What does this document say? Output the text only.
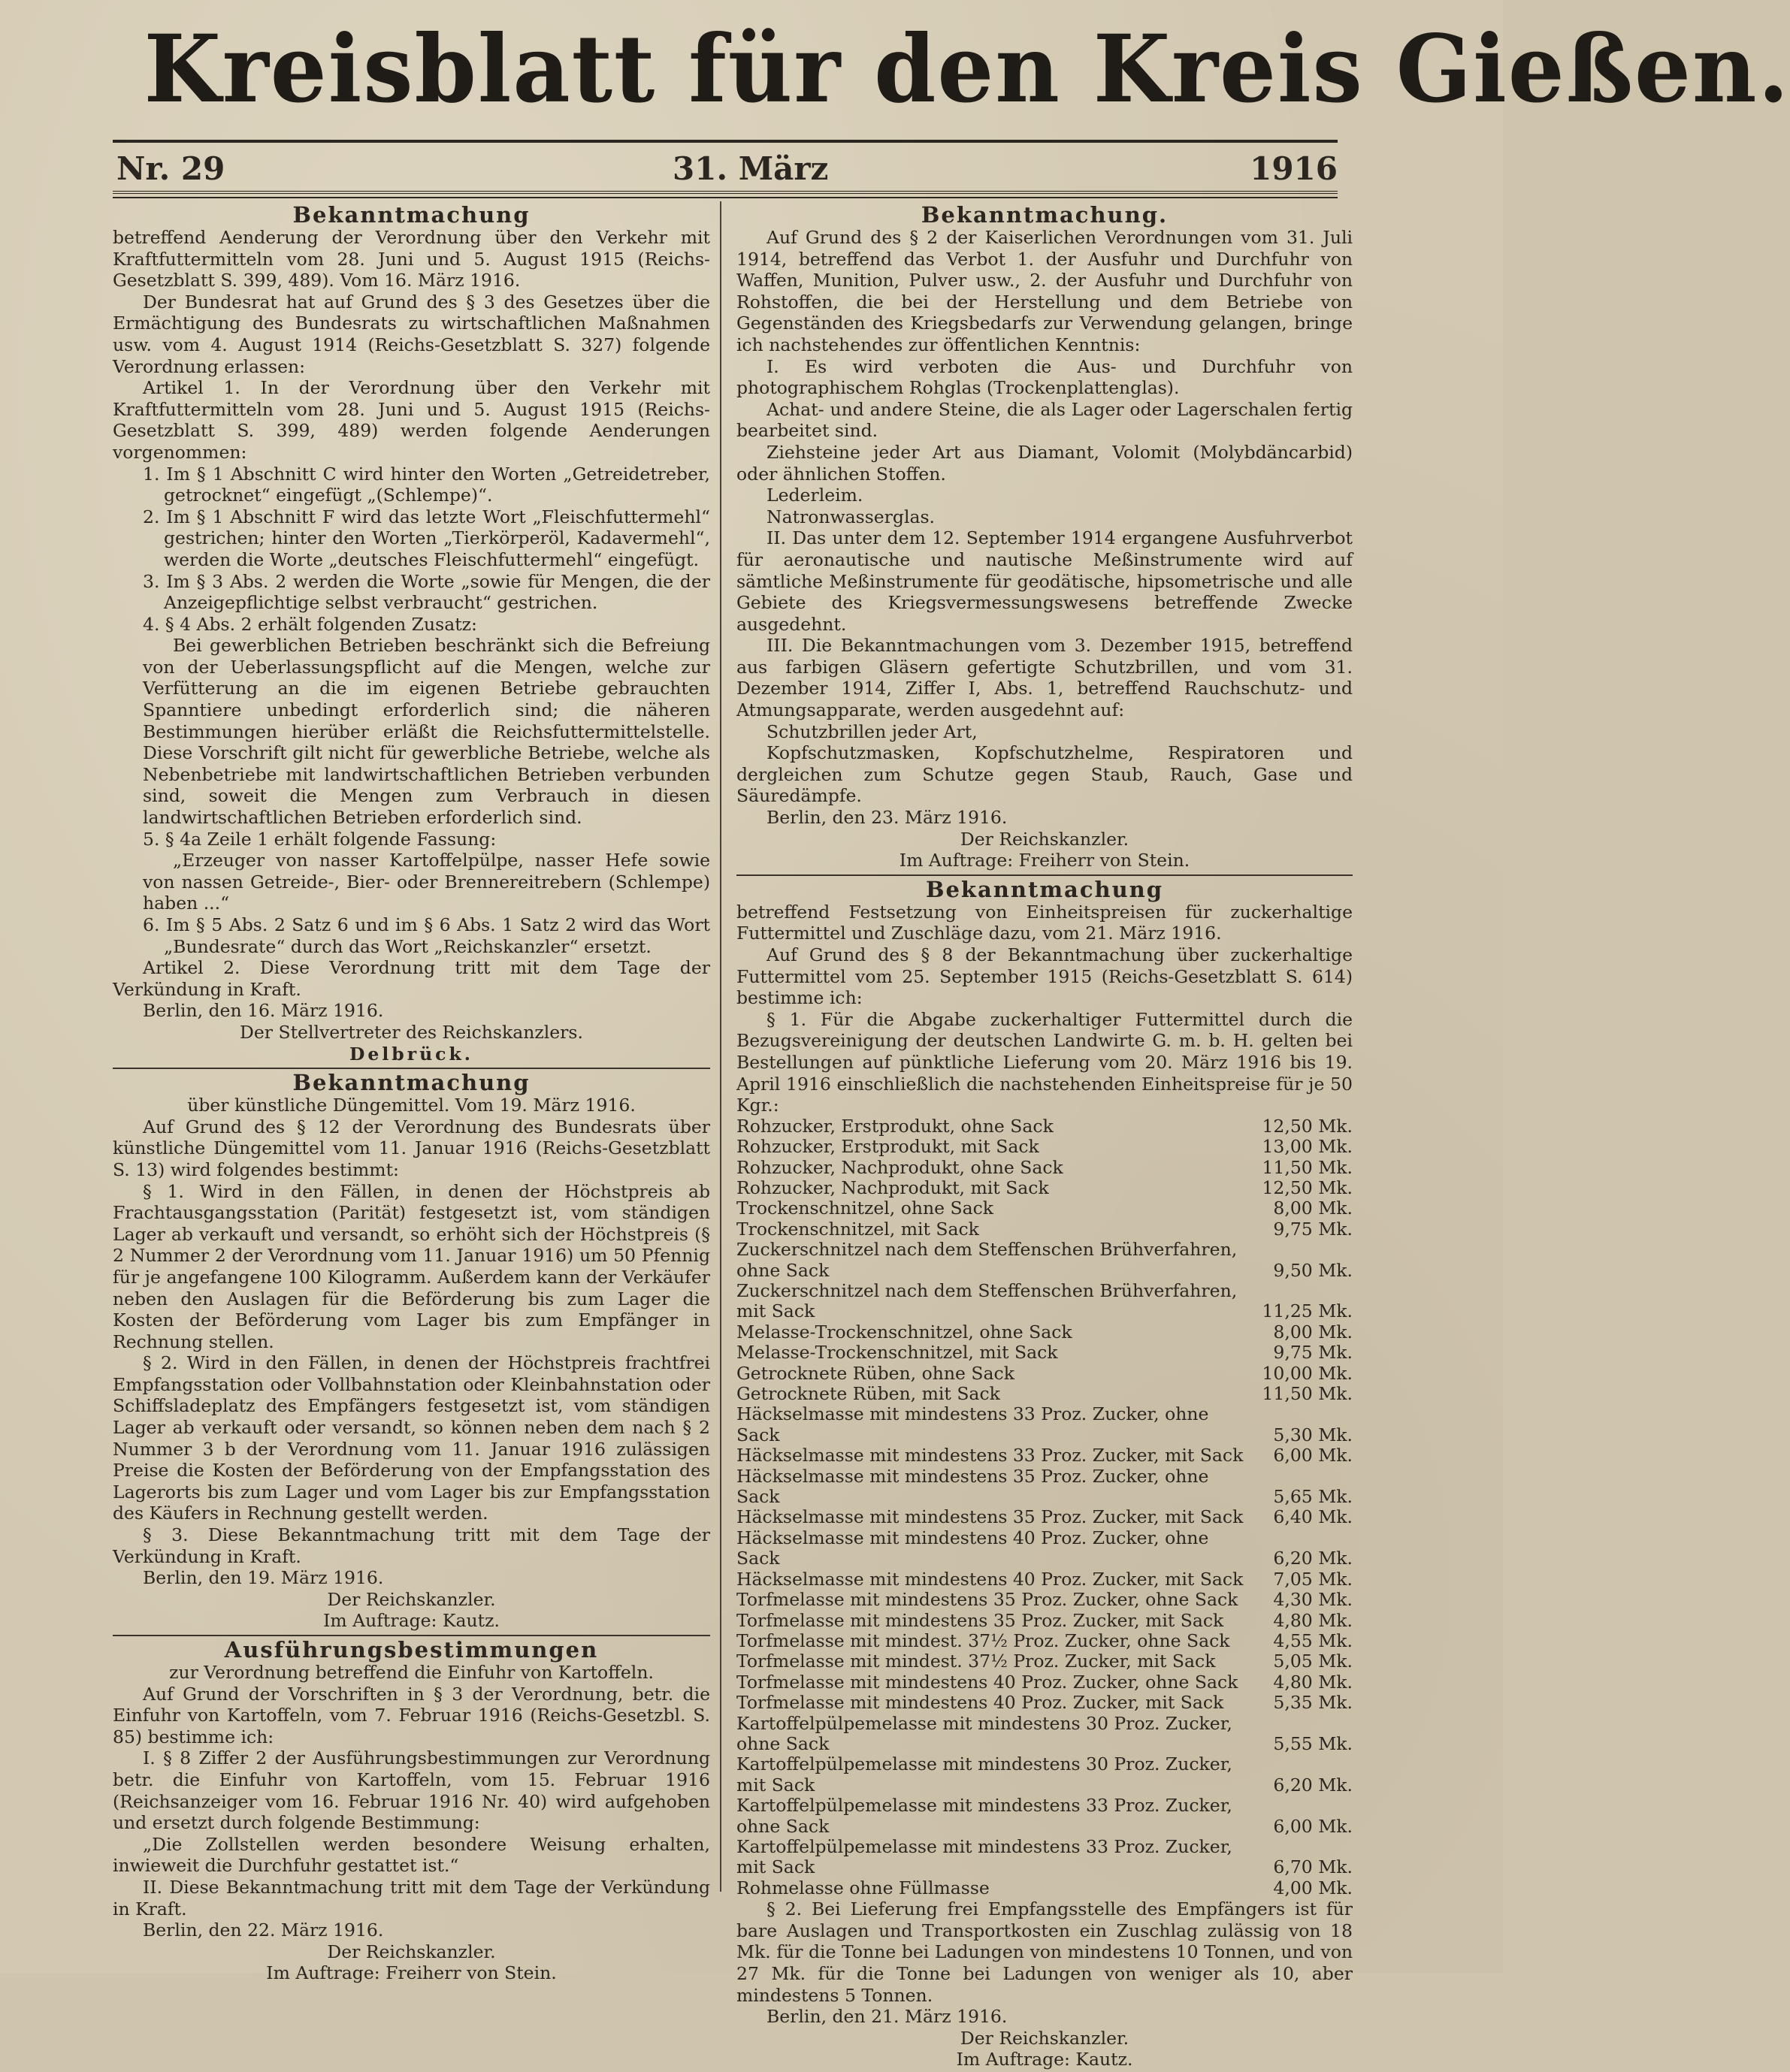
Kreisblatt für den Kreis Gießen.
Nr. 29	31. März	1916
Bekanntmachung

betreffend Aenderung der Verordnung über den Verkehr mit Kraftfuttermitteln vom 28. Juni und 5. August 1915 (Reichs-Gesetzblatt S. 399, 489). Vom 16. März 1916.

Der Bundesrat hat auf Grund des § 3 des Gesetzes über die Ermächtigung des Bundesrats zu wirtschaftlichen Maßnahmen usw. vom 4. August 1914 (Reichs-Gesetzblatt S. 327) folgende Verordnung erlassen:

Artikel 1. In der Verordnung über den Verkehr mit Kraftfuttermitteln vom 28. Juni und 5. August 1915 (Reichs-Gesetzblatt S. 399, 489) werden folgende Aenderungen vorgenommen:

1. Im § 1 Abschnitt C wird hinter den Worten „Getreidetreber, getrocknet“ eingefügt „(Schlempe)“.
2. Im § 1 Abschnitt F wird das letzte Wort „Fleischfuttermehl“ gestrichen; hinter den Worten „Tierkörperöl, Kadavermehl“, werden die Worte „deutsches Fleischfuttermehl“ eingefügt.
3. Im § 3 Abs. 2 werden die Worte „sowie für Mengen, die der Anzeigepflichtige selbst verbraucht“ gestrichen.
4. § 4 Abs. 2 erhält folgenden Zusatz:

Bei gewerblichen Betrieben beschränkt sich die Befreiung von der Ueberlassungspflicht auf die Mengen, welche zur Verfütterung an die im eigenen Betriebe gebrauchten Spanntiere unbedingt erforderlich sind; die näheren Bestimmungen hierüber erläßt die Reichsfuttermittelstelle. Diese Vorschrift gilt nicht für gewerbliche Betriebe, welche als Nebenbetriebe mit landwirtschaftlichen Betrieben verbunden sind, soweit die Mengen zum Verbrauch in diesen landwirtschaftlichen Betrieben erforderlich sind.

5. § 4a Zeile 1 erhält folgende Fassung:

„Erzeuger von nasser Kartoffelpülpe, nasser Hefe sowie von nassen Getreide-, Bier- oder Brennereitrebern (Schlempe) haben ...“

6. Im § 5 Abs. 2 Satz 6 und im § 6 Abs. 1 Satz 2 wird das Wort „Bundesrate“ durch das Wort „Reichskanzler“ ersetzt.

Artikel 2. Diese Verordnung tritt mit dem Tage der Verkündung in Kraft.

Berlin, den 16. März 1916.

Der Stellvertreter des Reichskanzlers.
Delbrück.
Bekanntmachung
über künstliche Düngemittel. Vom 19. März 1916.

Auf Grund des § 12 der Verordnung des Bundesrats über künstliche Düngemittel vom 11. Januar 1916 (Reichs-Gesetzblatt S. 13) wird folgendes bestimmt:

§ 1. Wird in den Fällen, in denen der Höchstpreis ab Frachtausgangsstation (Parität) festgesetzt ist, vom ständigen Lager ab verkauft und versandt, so erhöht sich der Höchstpreis (§ 2 Nummer 2 der Verordnung vom 11. Januar 1916) um 50 Pfennig für je angefangene 100 Kilogramm. Außerdem kann der Verkäufer neben den Auslagen für die Beförderung bis zum Lager die Kosten der Beförderung vom Lager bis zum Empfänger in Rechnung stellen.

§ 2. Wird in den Fällen, in denen der Höchstpreis frachtfrei Empfangsstation oder Vollbahnstation oder Kleinbahnstation oder Schiffsladeplatz des Empfängers festgesetzt ist, vom ständigen Lager ab verkauft oder versandt, so können neben dem nach § 2 Nummer 3 b der Verordnung vom 11. Januar 1916 zulässigen Preise die Kosten der Beförderung von der Empfangsstation des Lagerorts bis zum Lager und vom Lager bis zur Empfangsstation des Käufers in Rechnung gestellt werden.

§ 3. Diese Bekanntmachung tritt mit dem Tage der Verkündung in Kraft.

Berlin, den 19. März 1916.

Der Reichskanzler.
Im Auftrage: Kautz.
Ausführungsbestimmungen
zur Verordnung betreffend die Einfuhr von Kartoffeln.

Auf Grund der Vorschriften in § 3 der Verordnung, betr. die Einfuhr von Kartoffeln, vom 7. Februar 1916 (Reichs-Gesetzbl. S. 85) bestimme ich:

I. § 8 Ziffer 2 der Ausführungsbestimmungen zur Verordnung betr. die Einfuhr von Kartoffeln, vom 15. Februar 1916 (Reichsanzeiger vom 16. Februar 1916 Nr. 40) wird aufgehoben und ersetzt durch folgende Bestimmung:

„Die Zollstellen werden besondere Weisung erhalten, inwieweit die Durchfuhr gestattet ist.“

II. Diese Bekanntmachung tritt mit dem Tage der Verkündung in Kraft.

Berlin, den 22. März 1916.

Der Reichskanzler.
Im Auftrage: Freiherr von Stein.
Bekanntmachung.

Auf Grund des § 2 der Kaiserlichen Verordnungen vom 31. Juli 1914, betreffend das Verbot 1. der Ausfuhr und Durchfuhr von Waffen, Munition, Pulver usw., 2. der Ausfuhr und Durchfuhr von Rohstoffen, die bei der Herstellung und dem Betriebe von Gegenständen des Kriegsbedarfs zur Verwendung gelangen, bringe ich nachstehendes zur öffentlichen Kenntnis:

I. Es wird verboten die Aus- und Durchfuhr von photographischem Rohglas (Trockenplattenglas).

Achat- und andere Steine, die als Lager oder Lagerschalen fertig bearbeitet sind.

Ziehsteine jeder Art aus Diamant, Volomit (Molybdäncarbid) oder ähnlichen Stoffen.

Lederleim.

Natronwasserglas.

II. Das unter dem 12. September 1914 ergangene Ausfuhrverbot für aeronautische und nautische Meßinstrumente wird auf sämtliche Meßinstrumente für geodätische, hipsometrische und alle Gebiete des Kriegsvermessungswesens betreffende Zwecke ausgedehnt.

III. Die Bekanntmachungen vom 3. Dezember 1915, betreffend aus farbigen Gläsern gefertigte Schutzbrillen, und vom 31. Dezember 1914, Ziffer I, Abs. 1, betreffend Rauchschutz- und Atmungsapparate, werden ausgedehnt auf:

Schutzbrillen jeder Art,

Kopfschutzmasken, Kopfschutzhelme, Respiratoren und dergleichen zum Schutze gegen Staub, Rauch, Gase und Säuredämpfe.

Berlin, den 23. März 1916.

Der Reichskanzler.
Im Auftrage: Freiherr von Stein.
Bekanntmachung

betreffend Festsetzung von Einheitspreisen für zuckerhaltige Futtermittel und Zuschläge dazu, vom 21. März 1916.

Auf Grund des § 8 der Bekanntmachung über zuckerhaltige Futtermittel vom 25. September 1915 (Reichs-Gesetzblatt S. 614) bestimme ich:

§ 1. Für die Abgabe zuckerhaltiger Futtermittel durch die Bezugsvereinigung der deutschen Landwirte G. m. b. H. gelten bei Bestellungen auf pünktliche Lieferung vom 20. März 1916 bis 19. April 1916 einschließlich die nachstehenden Einheitspreise für je 50 Kgr.:

Rohzucker, Erstprodukt, ohne Sack	12,50 Mk.
Rohzucker, Erstprodukt, mit Sack	13,00 Mk.
Rohzucker, Nachprodukt, ohne Sack	11,50 Mk.
Rohzucker, Nachprodukt, mit Sack	12,50 Mk.
Trockenschnitzel, ohne Sack	8,00 Mk.
Trockenschnitzel, mit Sack	9,75 Mk.
Zuckerschnitzel nach dem Steffenschen Brühverfahren, ohne Sack	9,50 Mk.
Zuckerschnitzel nach dem Steffenschen Brühverfahren, mit Sack	11,25 Mk.
Melasse-Trockenschnitzel, ohne Sack	8,00 Mk.
Melasse-Trockenschnitzel, mit Sack	9,75 Mk.
Getrocknete Rüben, ohne Sack	10,00 Mk.
Getrocknete Rüben, mit Sack	11,50 Mk.
Häckselmasse mit mindestens 33 Proz. Zucker, ohne Sack	5,30 Mk.
Häckselmasse mit mindestens 33 Proz. Zucker, mit Sack	6,00 Mk.
Häckselmasse mit mindestens 35 Proz. Zucker, ohne Sack	5,65 Mk.
Häckselmasse mit mindestens 35 Proz. Zucker, mit Sack	6,40 Mk.
Häckselmasse mit mindestens 40 Proz. Zucker, ohne Sack	6,20 Mk.
Häckselmasse mit mindestens 40 Proz. Zucker, mit Sack	7,05 Mk.
Torfmelasse mit mindestens 35 Proz. Zucker, ohne Sack	4,30 Mk.
Torfmelasse mit mindestens 35 Proz. Zucker, mit Sack	4,80 Mk.
Torfmelasse mit mindest. 37½ Proz. Zucker, ohne Sack	4,55 Mk.
Torfmelasse mit mindest. 37½ Proz. Zucker, mit Sack	5,05 Mk.
Torfmelasse mit mindestens 40 Proz. Zucker, ohne Sack	4,80 Mk.
Torfmelasse mit mindestens 40 Proz. Zucker, mit Sack	5,35 Mk.
Kartoffelpülpemelasse mit mindestens 30 Proz. Zucker, ohne Sack	5,55 Mk.
Kartoffelpülpemelasse mit mindestens 30 Proz. Zucker, mit Sack	6,20 Mk.
Kartoffelpülpemelasse mit mindestens 33 Proz. Zucker, ohne Sack	6,00 Mk.
Kartoffelpülpemelasse mit mindestens 33 Proz. Zucker, mit Sack	6,70 Mk.
Rohmelasse ohne Füllmasse	4,00 Mk.

§ 2. Bei Lieferung frei Empfangsstelle des Empfängers ist für bare Auslagen und Transportkosten ein Zuschlag zulässig von 18 Mk. für die Tonne bei Ladungen von mindestens 10 Tonnen, und von 27 Mk. für die Tonne bei Ladungen von weniger als 10, aber mindestens 5 Tonnen.

Berlin, den 21. März 1916.

Der Reichskanzler.
Im Auftrage: Kautz.
